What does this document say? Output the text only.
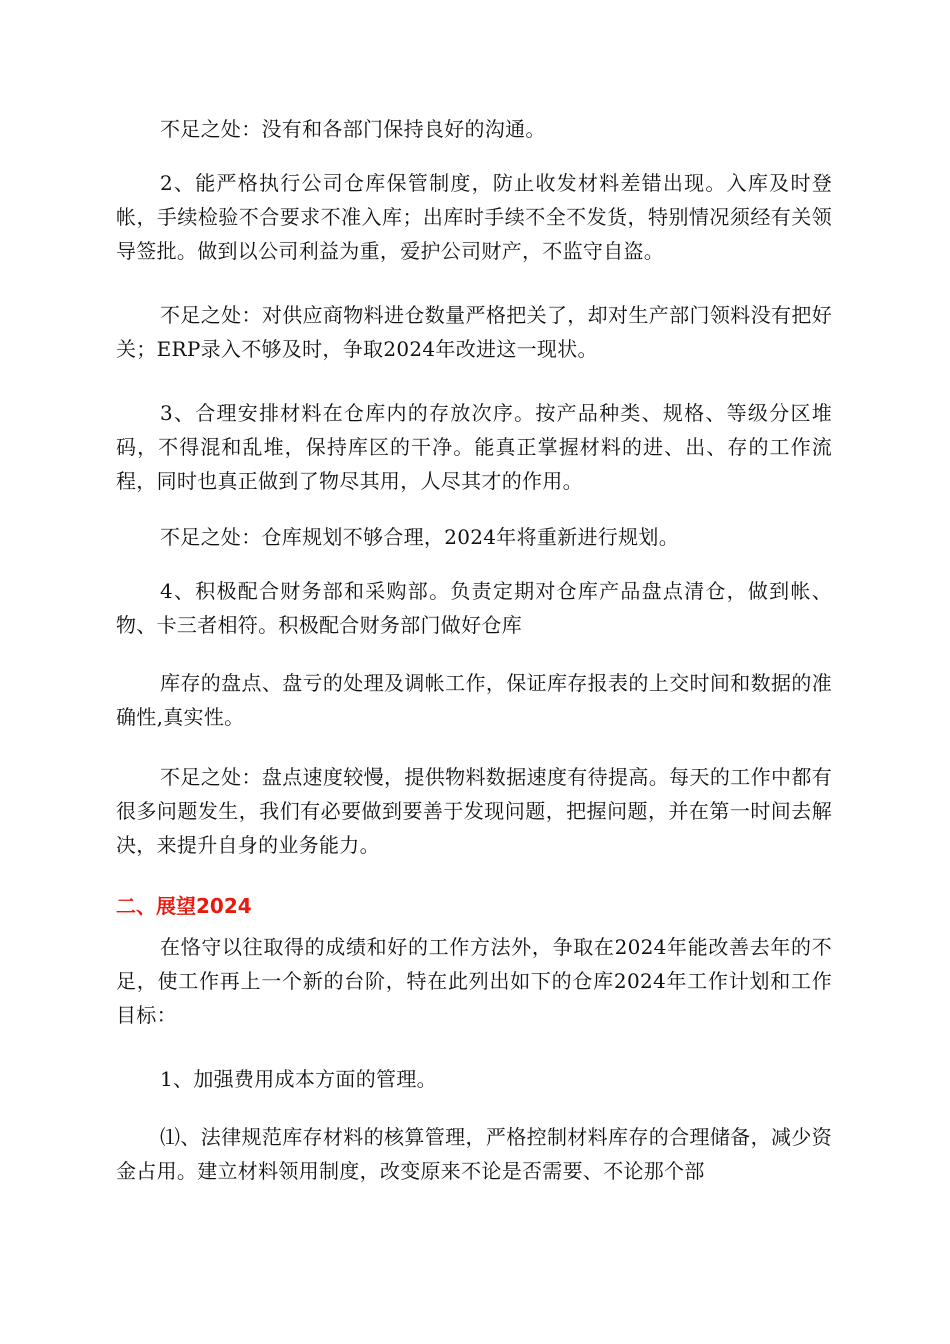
不足之处：没有和各部门保持良好的沟通。

2、能严格执行公司仓库保管制度，防止收发材料差错出现。入库及时登帐，手续检验不合要求不准入库；出库时手续不全不发货，特别情况须经有关领导签批。做到以公司利益为重，爱护公司财产，不监守自盗。

不足之处：对供应商物料进仓数量严格把关了，却对生产部门领料没有把好关；ERP录入不够及时，争取2024年改进这一现状。

3、合理安排材料在仓库内的存放次序。按产品种类、规格、等级分区堆码，不得混和乱堆，保持库区的干净。能真正掌握材料的进、出、存的工作流程，同时也真正做到了物尽其用，人尽其才的作用。

不足之处：仓库规划不够合理，2024年将重新进行规划。

4、积极配合财务部和采购部。负责定期对仓库产品盘点清仓，做到帐、物、卡三者相符。积极配合财务部门做好仓库

库存的盘点、盘亏的处理及调帐工作，保证库存报表的上交时间和数据的准确性,真实性。

不足之处：盘点速度较慢，提供物料数据速度有待提高。每天的工作中都有很多问题发生，我们有必要做到要善于发现问题，把握问题，并在第一时间去解决，来提升自身的业务能力。

二、展望2024

在恪守以往取得的成绩和好的工作方法外，争取在2024年能改善去年的不足，使工作再上一个新的台阶，特在此列出如下的仓库2024年工作计划和工作目标：

1、加强费用成本方面的管理。

⑴、法律规范库存材料的核算管理，严格控制材料库存的合理储备，减少资金占用。建立材料领用制度，改变原来不论是否需要、不论那个部
